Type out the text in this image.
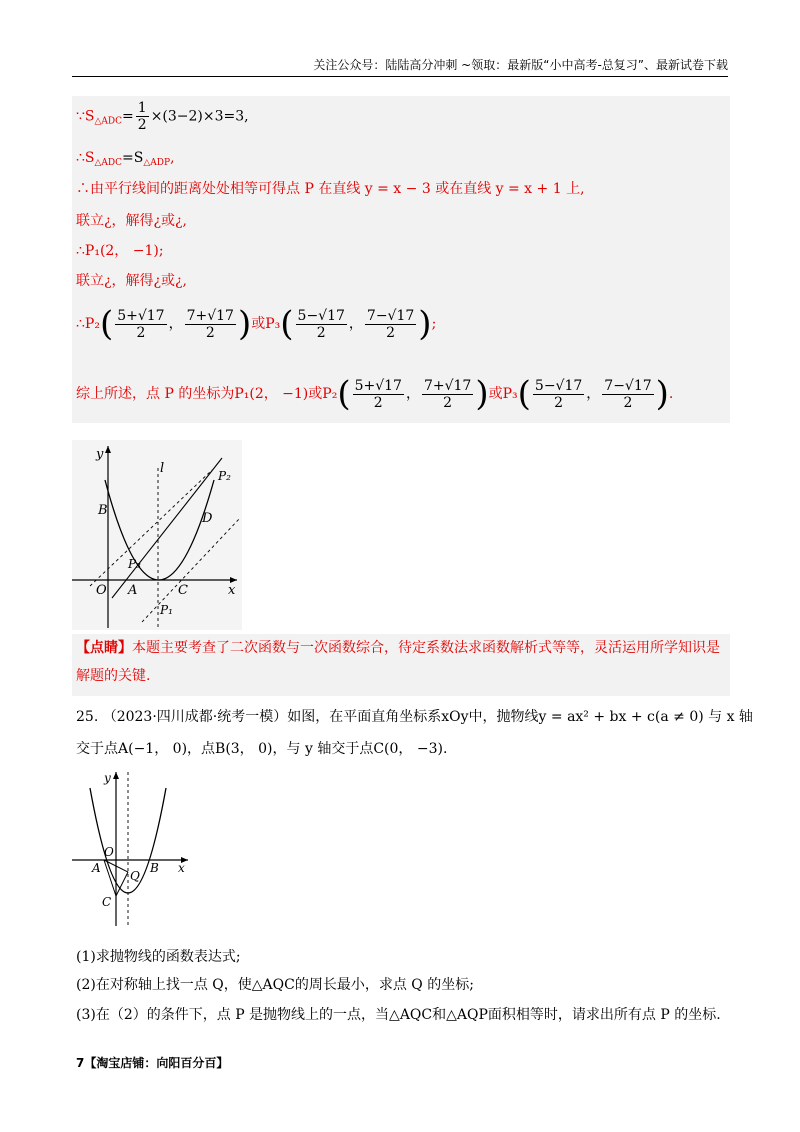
关注公众号：陆陆高分冲刺 ~领取：最新版“小中高考-总复习”、最新试卷下载
$\because S_{\triangle ADC}= \frac{1}{2} \times(3-2)\times 3=3$,
$\therefore S_{\triangle ADC}=S_{\triangle ADP}$,
∴由平行线间的距离处处相等可得点 P 在直线 y = x − 3 或在直线 y = x + 1 上,
联立¿，解得¿或¿,
∴P₁(2， −1);
联立¿，解得¿或¿,
∴P₂( $\frac{5+√17}{2}$ ， $\frac{7+√17}{2}$ )或$P_3( \frac{5-√17}{2}$ ， $\frac{7-√17}{2}$ );
综上所述，点 P 的坐标为P₁(2， −1)或$P_2( \frac{5+√17}{2}$ ， $\frac{7+√17}{2}$ )或$P_3( \frac{5-√17}{2}$ ， $\frac{7-√17}{2}$ ).
y
l	P₂
B
D
P₃
O A	C	x
P₁
【点睛】本题主要考查了二次函数与一次函数综合，待定系数法求函数解析式等等，灵活运用所学知识是解题的关键.
25. （2023·四川成都·统考一模）如图，在平面直角坐标系xOy中，抛物线y = ax² + bx + c(a ≠ 0) 与 x 轴
交于点A(−1， 0)，点B(3， 0)，与 y 轴交于点C(0， −3).
y
O
A	B x
Q
C
(1)求抛物线的函数表达式;
(2)在对称轴上找一点 Q，使△AQC的周长最小，求点 Q 的坐标;
(3)在（2）的条件下，点 P 是抛物线上的一点，当△AQC和△AQP面积相等时，请求出所有点 P 的坐标.
7【淘宝店铺：向阳百分百】
